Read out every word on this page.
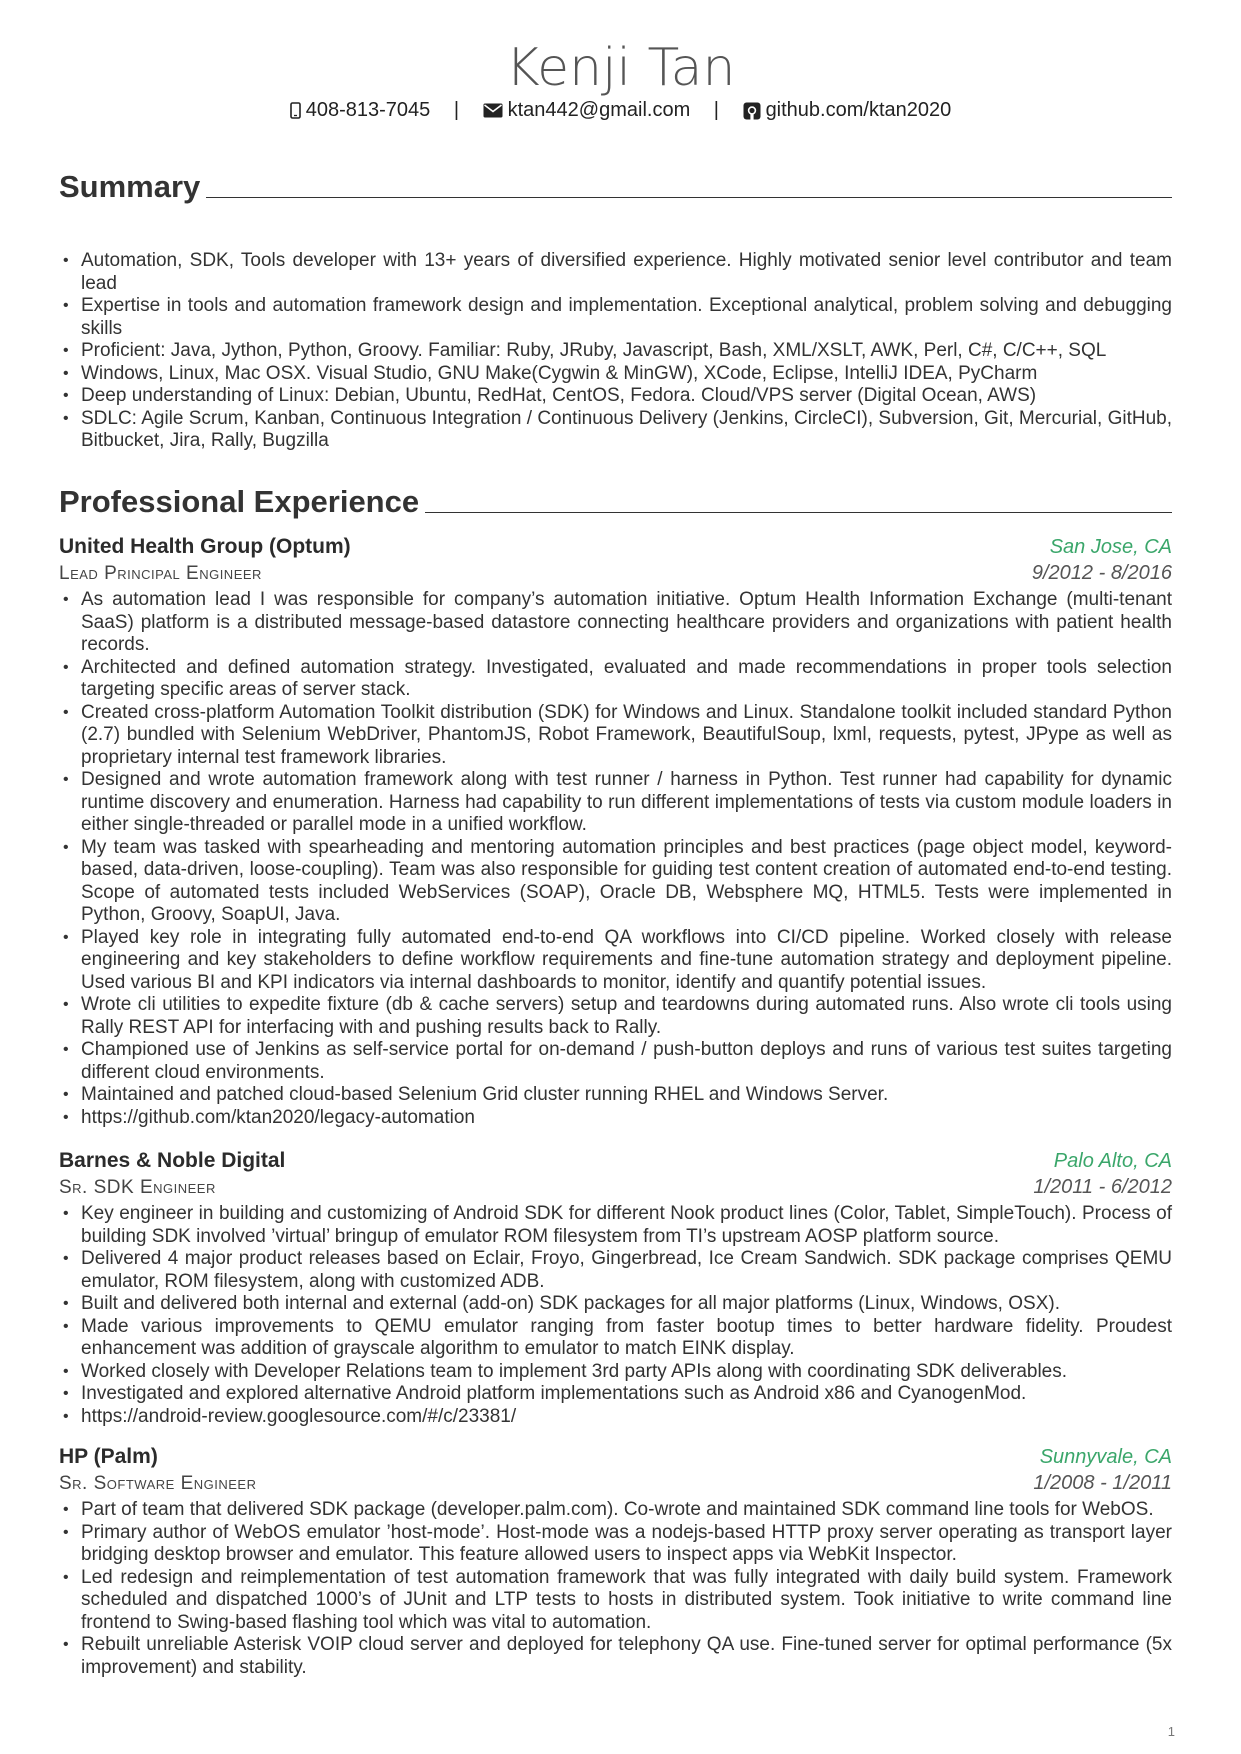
Kenji Tan
408-813-7045 | ktan442@gmail.com | github.com/ktan2020
Summary
• Automation, SDK, Tools developer with 13+ years of diversified experience. Highly motivated senior level contributor and team lead
• Expertise in tools and automation framework design and implementation. Exceptional analytical, problem solving and debugging skills
• Proficient: Java, Jython, Python, Groovy. Familiar: Ruby, JRuby, Javascript, Bash, XML/XSLT, AWK, Perl, C#, C/C++, SQL
• Windows, Linux, Mac OSX. Visual Studio, GNU Make(Cygwin & MinGW), XCode, Eclipse, IntelliJ IDEA, PyCharm
• Deep understanding of Linux: Debian, Ubuntu, RedHat, CentOS, Fedora. Cloud/VPS server (Digital Ocean, AWS)
• SDLC: Agile Scrum, Kanban, Continuous Integration / Continuous Delivery (Jenkins, CircleCI), Subversion, Git, Mercurial, GitHub, Bitbucket, Jira, Rally, Bugzilla
Professional Experience
United Health Group (Optum)	San Jose, CA
Lead Principal Engineer	9/2012 - 8/2016
• As automation lead I was responsible for company’s automation initiative. Optum Health Information Exchange (multi-tenant SaaS) platform is a distributed message-based datastore connecting healthcare providers and organizations with patient health records.
• Architected and defined automation strategy. Investigated, evaluated and made recommendations in proper tools selection targeting specific areas of server stack.
• Created cross-platform Automation Toolkit distribution (SDK) for Windows and Linux. Standalone toolkit included standard Python (2.7) bundled with Selenium WebDriver, PhantomJS, Robot Framework, BeautifulSoup, lxml, requests, pytest, JPype as well as proprietary internal test framework libraries.
• Designed and wrote automation framework along with test runner / harness in Python. Test runner had capability for dynamic runtime discovery and enumeration. Harness had capability to run different implementations of tests via custom module loaders in either single-threaded or parallel mode in a unified workflow.
• My team was tasked with spearheading and mentoring automation principles and best practices (page object model, keyword-based, data-driven, loose-coupling). Team was also responsible for guiding test content creation of automated end-to-end testing. Scope of automated tests included WebServices (SOAP), Oracle DB, Websphere MQ, HTML5. Tests were implemented in Python, Groovy, SoapUI, Java.
• Played key role in integrating fully automated end-to-end QA workflows into CI/CD pipeline. Worked closely with release engineering and key stakeholders to define workflow requirements and fine-tune automation strategy and deployment pipeline. Used various BI and KPI indicators via internal dashboards to monitor, identify and quantify potential issues.
• Wrote cli utilities to expedite fixture (db & cache servers) setup and teardowns during automated runs. Also wrote cli tools using Rally REST API for interfacing with and pushing results back to Rally.
• Championed use of Jenkins as self-service portal for on-demand / push-button deploys and runs of various test suites targeting different cloud environments.
• Maintained and patched cloud-based Selenium Grid cluster running RHEL and Windows Server.
• https://github.com/ktan2020/legacy-automation
Barnes & Noble Digital	Palo Alto, CA
Sr. SDK Engineer	1/2011 - 6/2012
• Key engineer in building and customizing of Android SDK for different Nook product lines (Color, Tablet, SimpleTouch). Process of building SDK involved ’virtual’ bringup of emulator ROM filesystem from TI’s upstream AOSP platform source.
• Delivered 4 major product releases based on Eclair, Froyo, Gingerbread, Ice Cream Sandwich. SDK package comprises QEMU emulator, ROM filesystem, along with customized ADB.
• Built and delivered both internal and external (add-on) SDK packages for all major platforms (Linux, Windows, OSX).
• Made various improvements to QEMU emulator ranging from faster bootup times to better hardware fidelity. Proudest enhancement was addition of grayscale algorithm to emulator to match EINK display.
• Worked closely with Developer Relations team to implement 3rd party APIs along with coordinating SDK deliverables.
• Investigated and explored alternative Android platform implementations such as Android x86 and CyanogenMod.
• https://android-review.googlesource.com/#/c/23381/
HP (Palm)	Sunnyvale, CA
Sr. Software Engineer	1/2008 - 1/2011
• Part of team that delivered SDK package (developer.palm.com). Co-wrote and maintained SDK command line tools for WebOS.
• Primary author of WebOS emulator ’host-mode’. Host-mode was a nodejs-based HTTP proxy server operating as transport layer bridging desktop browser and emulator. This feature allowed users to inspect apps via WebKit Inspector.
• Led redesign and reimplementation of test automation framework that was fully integrated with daily build system. Framework scheduled and dispatched 1000’s of JUnit and LTP tests to hosts in distributed system. Took initiative to write command line frontend to Swing-based flashing tool which was vital to automation.
• Rebuilt unreliable Asterisk VOIP cloud server and deployed for telephony QA use. Fine-tuned server for optimal performance (5x improvement) and stability.
1
